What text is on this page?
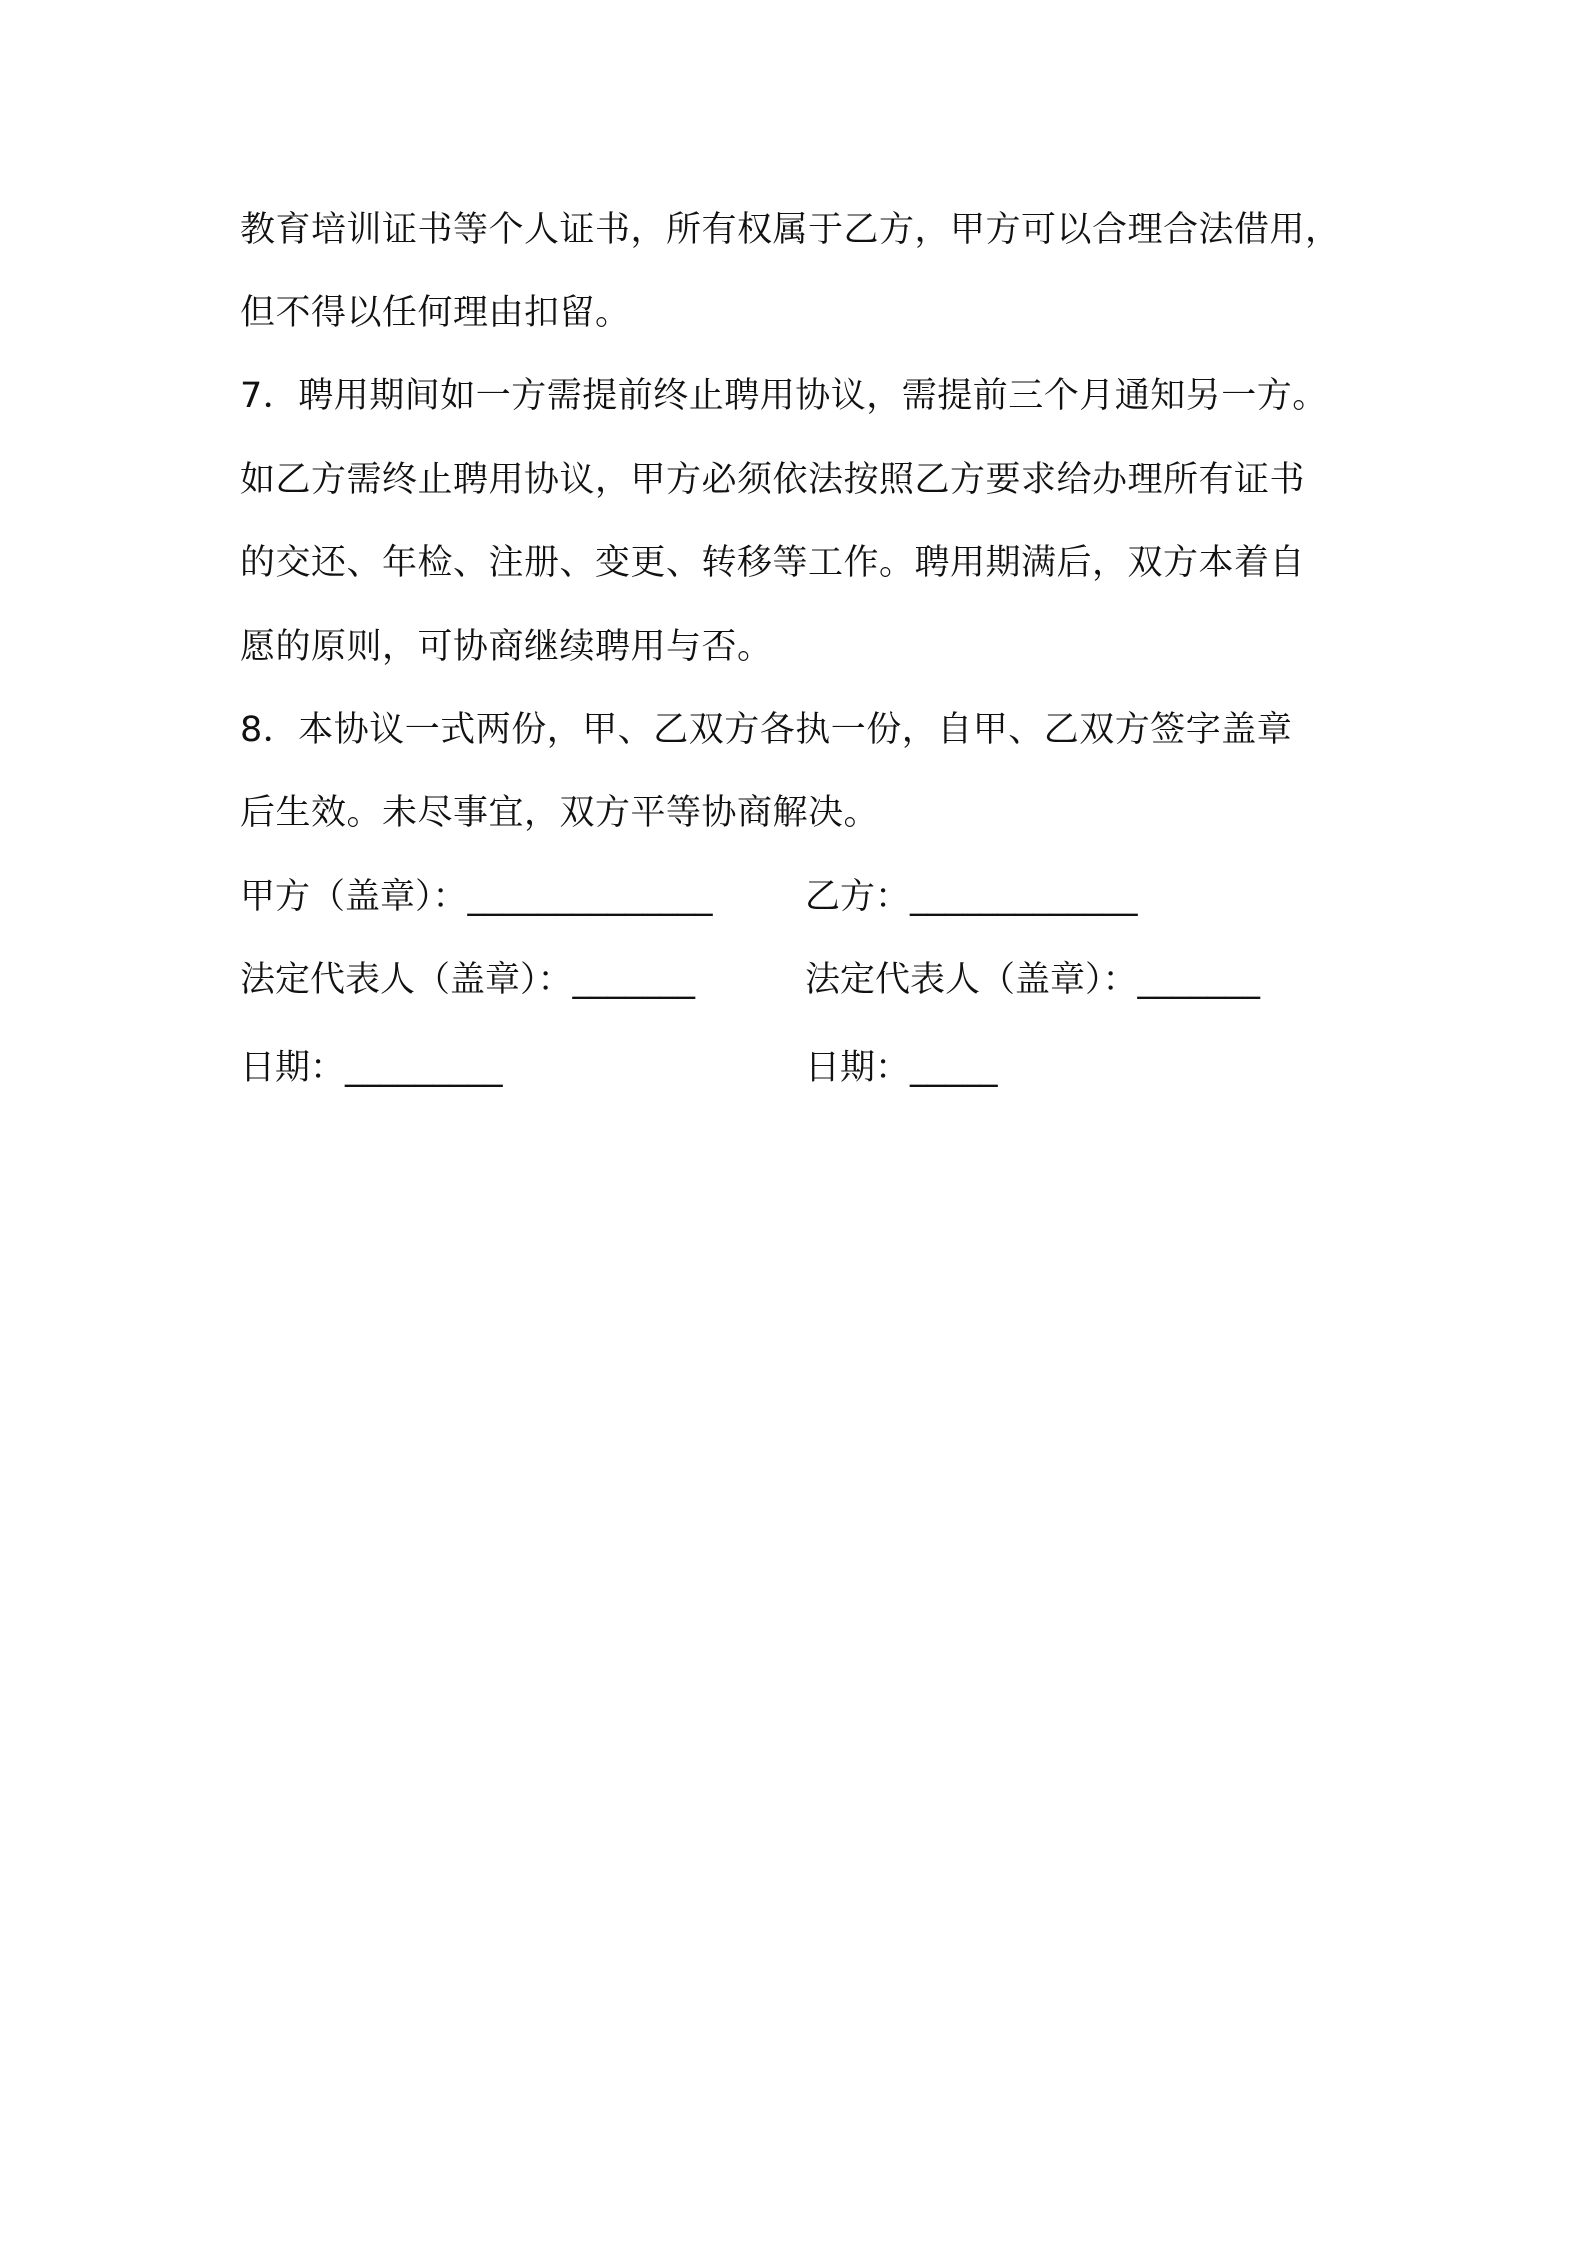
教育培训证书等个人证书，所有权属于乙方，甲方可以合理合法借用，
但不得以任何理由扣留。
7．聘用期间如一方需提前终止聘用协议，需提前三个月通知另一方。
如乙方需终止聘用协议，甲方必须依法按照乙方要求给办理所有证书
的交还、年检、注册、变更、转移等工作。聘用期满后，双方本着自
愿的原则，可协商继续聘用与否。
8．本协议一式两份，甲、乙双方各执一份，自甲、乙双方签字盖章
后生效。未尽事宜，双方平等协商解决。
甲方（盖章）：______________	乙方：_____________
法定代表人（盖章）：_______	法定代表人（盖章）：_______
日期：_________	日期：_____
